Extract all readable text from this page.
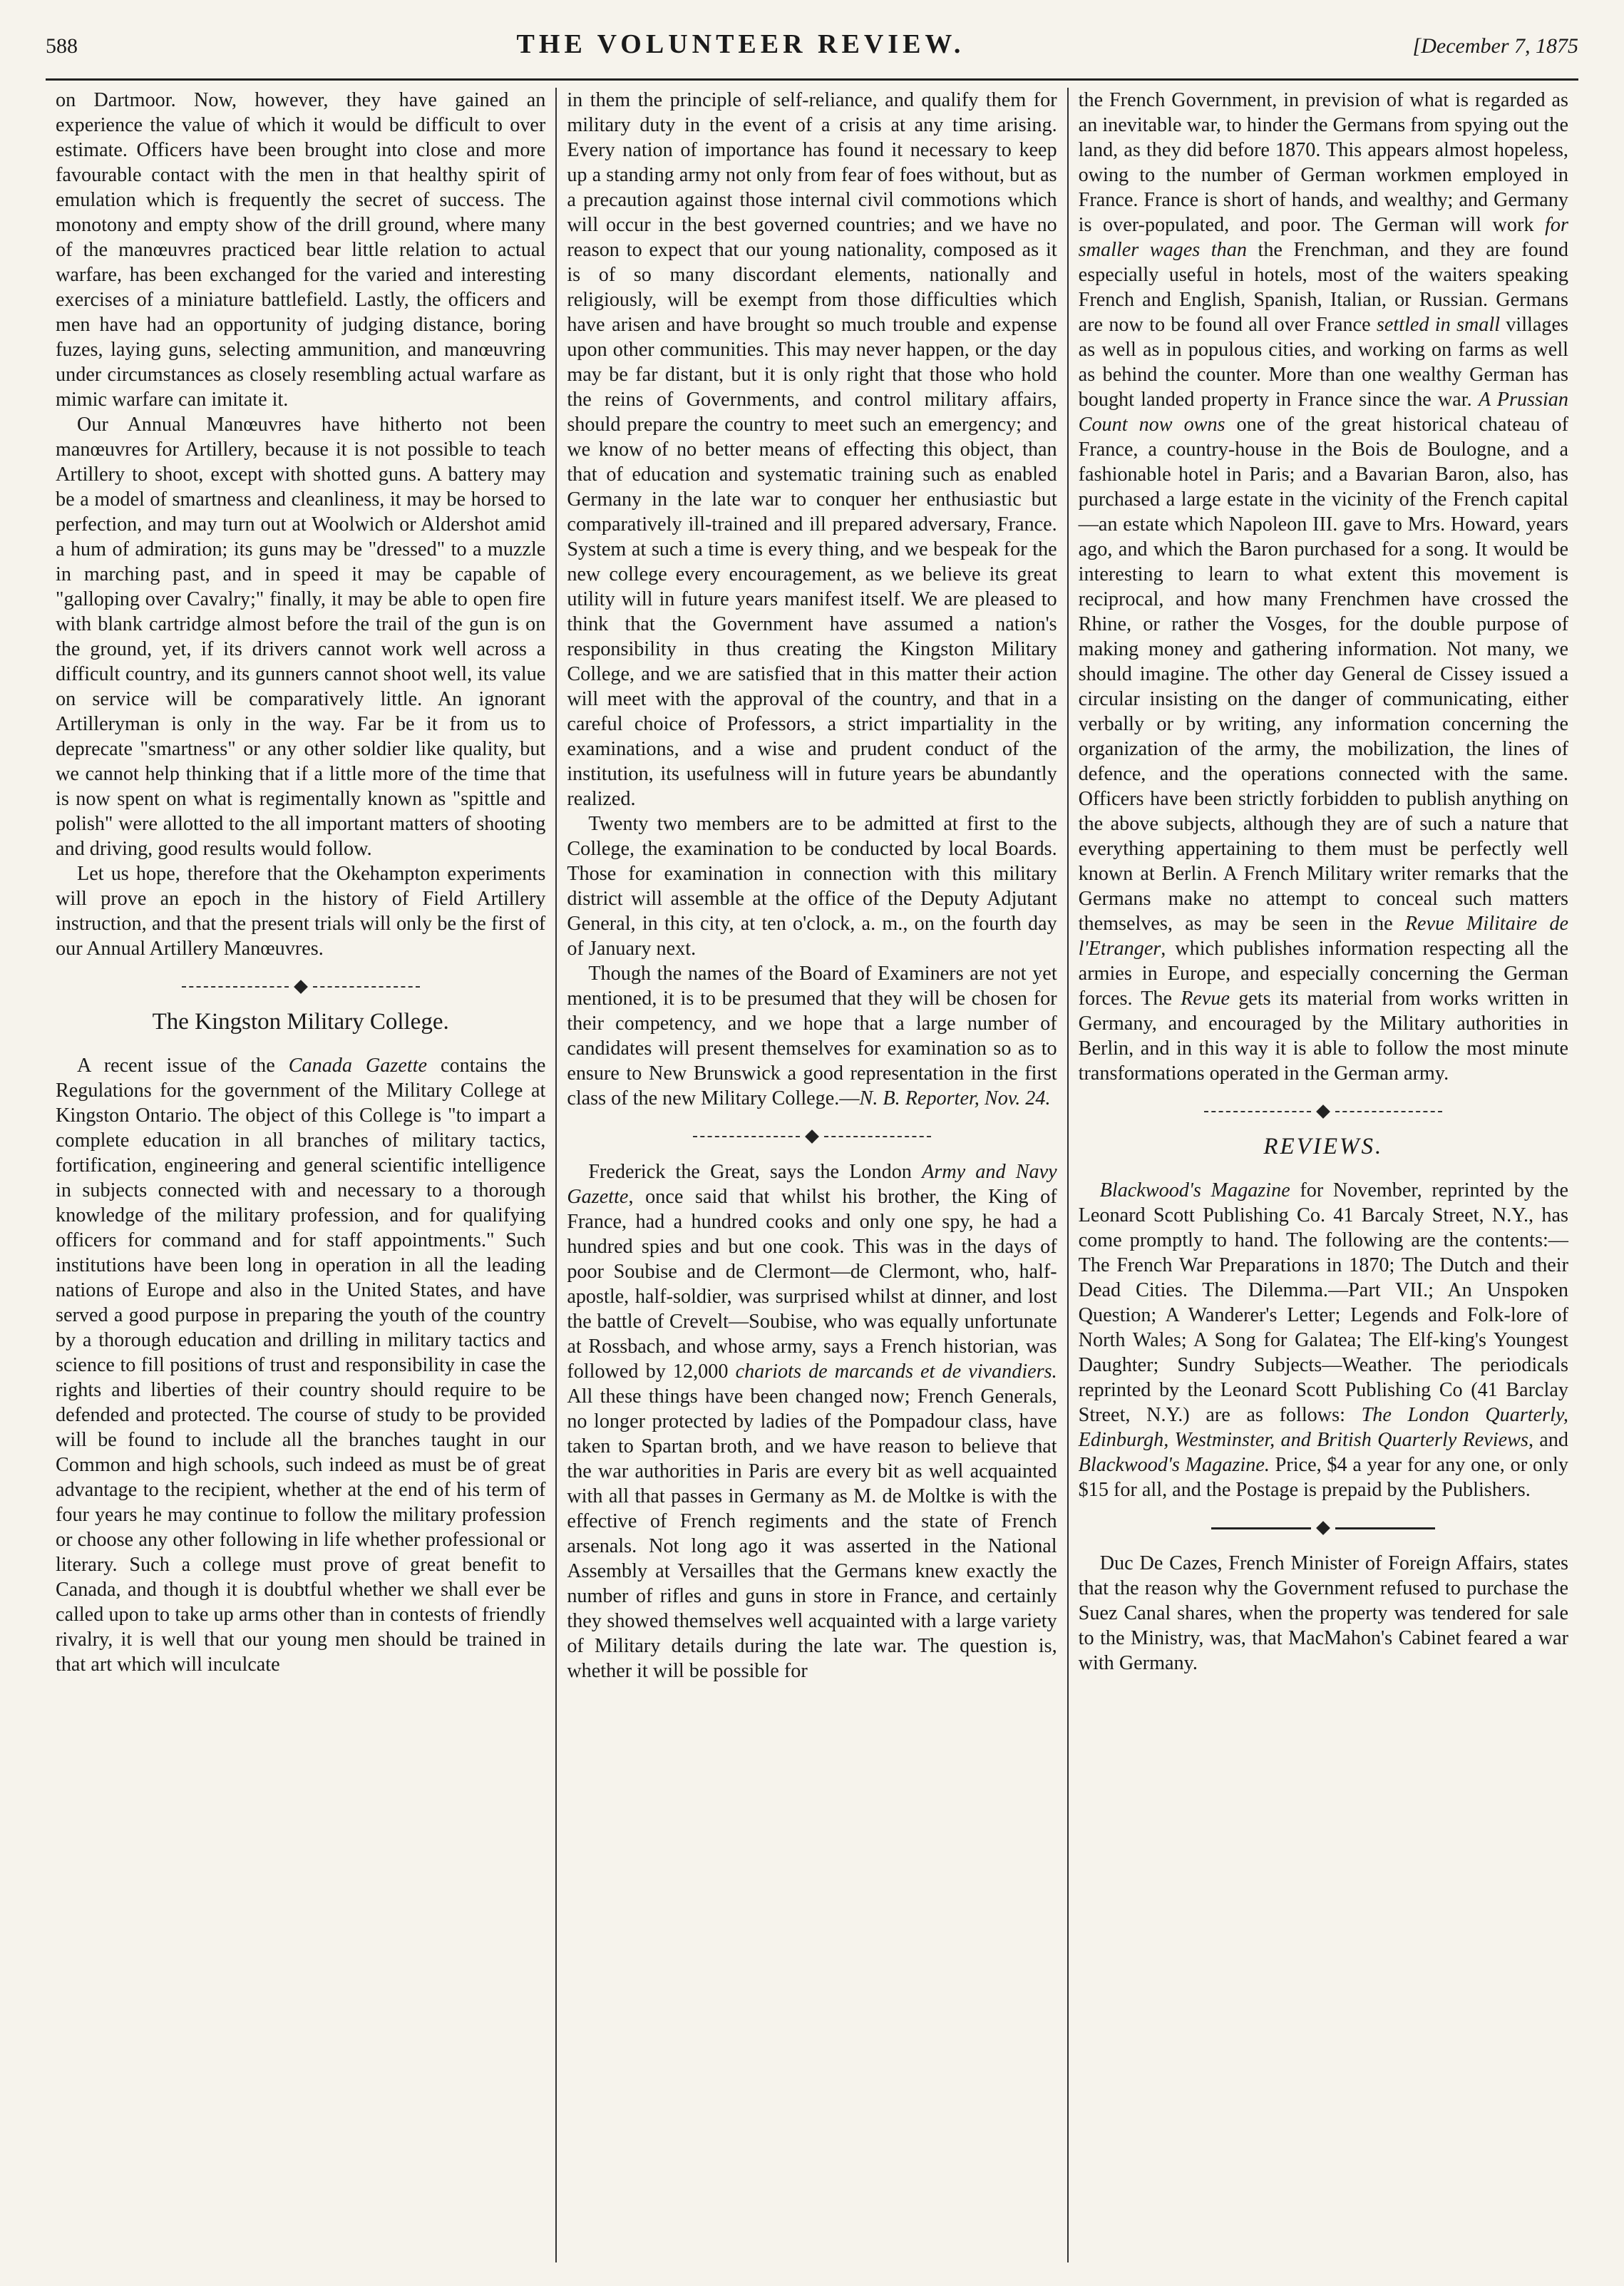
588	THE VOLUNTEER REVIEW.	[December 7, 1875

on Dartmoor. Now, however, they have gained an experience the value of which it would be difficult to over estimate. Officers have been brought into close and more favourable contact with the men in that healthy spirit of emulation which is frequently the secret of success. The monotony and empty show of the drill ground, where many of the manœuvres practiced bear little relation to actual warfare, has been exchanged for the varied and interesting exercises of a miniature battlefield. Lastly, the officers and men have had an opportunity of judging distance, boring fuzes, laying guns, selecting ammunition, and manœuvring under circumstances as closely resembling actual warfare as mimic warfare can imitate it.

Our Annual Manœuvres have hitherto not been manœuvres for Artillery, because it is not possible to teach Artillery to shoot, except with shotted guns. A battery may be a model of smartness and cleanliness, it may be horsed to perfection, and may turn out at Woolwich or Aldershot amid a hum of admiration; its guns may be "dressed" to a muzzle in marching past, and in speed it may be capable of "galloping over Cavalry;" finally, it may be able to open fire with blank cartridge almost before the trail of the gun is on the ground, yet, if its drivers cannot work well across a difficult country, and its gunners cannot shoot well, its value on service will be comparatively little. An ignorant Artilleryman is only in the way. Far be it from us to deprecate "smartness" or any other soldier like quality, but we cannot help thinking that if a little more of the time that is now spent on what is regimentally known as "spittle and polish" were allotted to the all important matters of shooting and driving, good results would follow.

Let us hope, therefore that the Okehampton experiments will prove an epoch in the history of Field Artillery instruction, and that the present trials will only be the first of our Annual Artillery Manœuvres.

The Kingston Military College.

A recent issue of the Canada Gazette contains the Regulations for the government of the Military College at Kingston Ontario. The object of this College is "to impart a complete education in all branches of military tactics, fortification, engineering and general scientific intelligence in subjects connected with and necessary to a thorough knowledge of the military profession, and for qualifying officers for command and for staff appointments." Such institutions have been long in operation in all the leading nations of Europe and also in the United States, and have served a good purpose in preparing the youth of the country by a thorough education and drilling in military tactics and science to fill positions of trust and responsibility in case the rights and liberties of their country should require to be defended and protected. The course of study to be provided will be found to include all the branches taught in our Common and high schools, such indeed as must be of great advantage to the recipient, whether at the end of his term of four years he may continue to follow the military profession or choose any other following in life whether professional or literary. Such a college must prove of great benefit to Canada, and though it is doubtful whether we shall ever be called upon to take up arms other than in contests of friendly rivalry, it is well that our young men should be trained in that art which will inculcate

in them the principle of self-reliance, and qualify them for military duty in the event of a crisis at any time arising. Every nation of importance has found it necessary to keep up a standing army not only from fear of foes without, but as a precaution against those internal civil commotions which will occur in the best governed countries; and we have no reason to expect that our young nationality, composed as it is of so many discordant elements, nationally and religiously, will be exempt from those difficulties which have arisen and have brought so much trouble and expense upon other communities. This may never happen, or the day may be far distant, but it is only right that those who hold the reins of Governments, and control military affairs, should prepare the country to meet such an emergency; and we know of no better means of effecting this object, than that of education and systematic training such as enabled Germany in the late war to conquer her enthusiastic but comparatively ill-trained and ill prepared adversary, France. System at such a time is every thing, and we bespeak for the new college every encouragement, as we believe its great utility will in future years manifest itself. We are pleased to think that the Government have assumed a nation's responsibility in thus creating the Kingston Military College, and we are satisfied that in this matter their action will meet with the approval of the country, and that in a careful choice of Professors, a strict impartiality in the examinations, and a wise and prudent conduct of the institution, its usefulness will in future years be abundantly realized.

Twenty two members are to be admitted at first to the College, the examination to be conducted by local Boards. Those for examination in connection with this military district will assemble at the office of the Deputy Adjutant General, in this city, at ten o'clock, a. m., on the fourth day of January next.

Though the names of the Board of Examiners are not yet mentioned, it is to be presumed that they will be chosen for their competency, and we hope that a large number of candidates will present themselves for examination so as to ensure to New Brunswick a good representation in the first class of the new Military College.—N. B. Reporter, Nov. 24.

Frederick the Great, says the London Army and Navy Gazette, once said that whilst his brother, the King of France, had a hundred cooks and only one spy, he had a hundred spies and but one cook. This was in the days of poor Soubise and de Clermont—de Clermont, who, half-apostle, half-soldier, was surprised whilst at dinner, and lost the battle of Crevelt—Soubise, who was equally unfortunate at Rossbach, and whose army, says a French historian, was followed by 12,000 chariots de marcands et de vivandiers. All these things have been changed now; French Generals, no longer protected by ladies of the Pompadour class, have taken to Spartan broth, and we have reason to believe that the war authorities in Paris are every bit as well acquainted with all that passes in Germany as M. de Moltke is with the effective of French regiments and the state of French arsenals. Not long ago it was asserted in the National Assembly at Versailles that the Germans knew exactly the number of rifles and guns in store in France, and certainly they showed themselves well acquainted with a large variety of Military details during the late war. The question is, whether it will be possible for

the French Government, in prevision of what is regarded as an inevitable war, to hinder the Germans from spying out the land, as they did before 1870. This appears almost hopeless, owing to the number of German workmen employed in France. France is short of hands, and wealthy; and Germany is over-populated, and poor. The German will work for smaller wages than the Frenchman, and they are found especially useful in hotels, most of the waiters speaking French and English, Spanish, Italian, or Russian. Germans are now to be found all over France settled in small villages as well as in populous cities, and working on farms as well as behind the counter. More than one wealthy German has bought landed property in France since the war. A Prussian Count now owns one of the great historical chateau of France, a country-house in the Bois de Boulogne, and a fashionable hotel in Paris; and a Bavarian Baron, also, has purchased a large estate in the vicinity of the French capital—an estate which Napoleon III. gave to Mrs. Howard, years ago, and which the Baron purchased for a song. It would be interesting to learn to what extent this movement is reciprocal, and how many Frenchmen have crossed the Rhine, or rather the Vosges, for the double purpose of making money and gathering information. Not many, we should imagine. The other day General de Cissey issued a circular insisting on the danger of communicating, either verbally or by writing, any information concerning the organization of the army, the mobilization, the lines of defence, and the operations connected with the same. Officers have been strictly forbidden to publish anything on the above subjects, although they are of such a nature that everything appertaining to them must be perfectly well known at Berlin. A French Military writer remarks that the Germans make no attempt to conceal such matters themselves, as may be seen in the Revue Militaire de l'Etranger, which publishes information respecting all the armies in Europe, and especially concerning the German forces. The Revue gets its material from works written in Germany, and encouraged by the Military authorities in Berlin, and in this way it is able to follow the most minute transformations operated in the German army.

REVIEWS.

Blackwood's Magazine for November, reprinted by the Leonard Scott Publishing Co. 41 Barcaly Street, N.Y., has come promptly to hand. The following are the contents:—The French War Preparations in 1870; The Dutch and their Dead Cities. The Dilemma.—Part VII.; An Unspoken Question; A Wanderer's Letter; Legends and Folk-lore of North Wales; A Song for Galatea; The Elf-king's Youngest Daughter; Sundry Subjects—Weather. The periodicals reprinted by the Leonard Scott Publishing Co (41 Barclay Street, N.Y.) are as follows: The London Quarterly, Edinburgh, Westminster, and British Quarterly Reviews, and Blackwood's Magazine. Price, $4 a year for any one, or only $15 for all, and the Postage is prepaid by the Publishers.

Duc De Cazes, French Minister of Foreign Affairs, states that the reason why the Government refused to purchase the Suez Canal shares, when the property was tendered for sale to the Ministry, was, that MacMahon's Cabinet feared a war with Germany.
